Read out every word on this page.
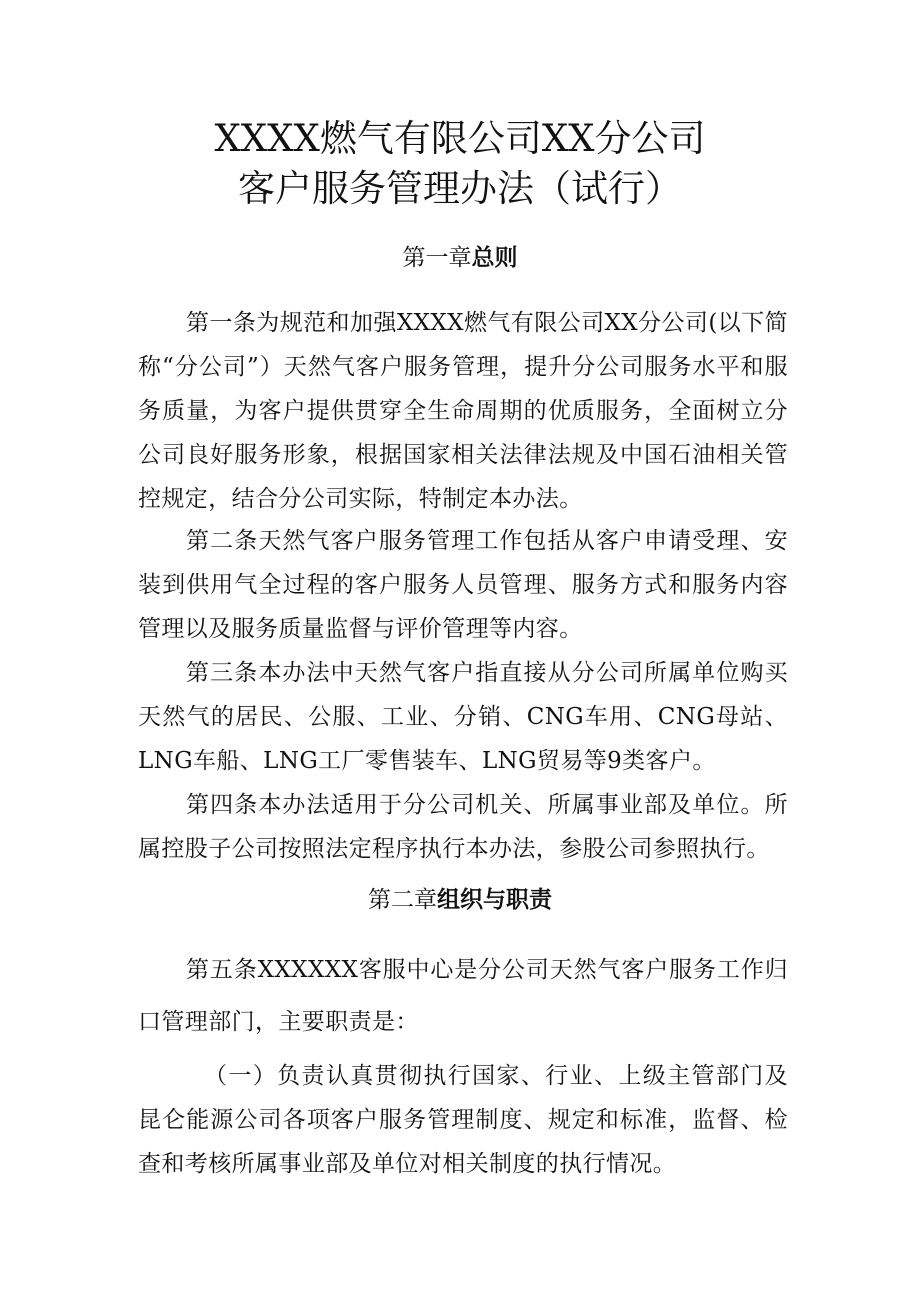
XXXX燃气有限公司XX分公司
客户服务管理办法（试行）
第一章总则
第一条为规范和加强XXXX燃气有限公司XX分公司(以下简称“分公司”）天然气客户服务管理，提升分公司服务水平和服务质量，为客户提供贯穿全生命周期的优质服务，全面树立分公司良好服务形象，根据国家相关法律法规及中国石油相关管控规定，结合分公司实际，特制定本办法。
第二条天然气客户服务管理工作包括从客户申请受理、安装到供用气全过程的客户服务人员管理、服务方式和服务内容管理以及服务质量监督与评价管理等内容。
第三条本办法中天然气客户指直接从分公司所属单位购买天然气的居民、公服、工业、分销、CNG车用、CNG母站、LNG车船、LNG工厂零售装车、LNG贸易等9类客户。
第四条本办法适用于分公司机关、所属事业部及单位。所属控股子公司按照法定程序执行本办法，参股公司参照执行。
第二章组织与职责
第五条XXXXXX客服中心是分公司天然气客户服务工作归口管理部门，主要职责是：
（一）负责认真贯彻执行国家、行业、上级主管部门及昆仑能源公司各项客户服务管理制度、规定和标准，监督、检查和考核所属事业部及单位对相关制度的执行情况。
